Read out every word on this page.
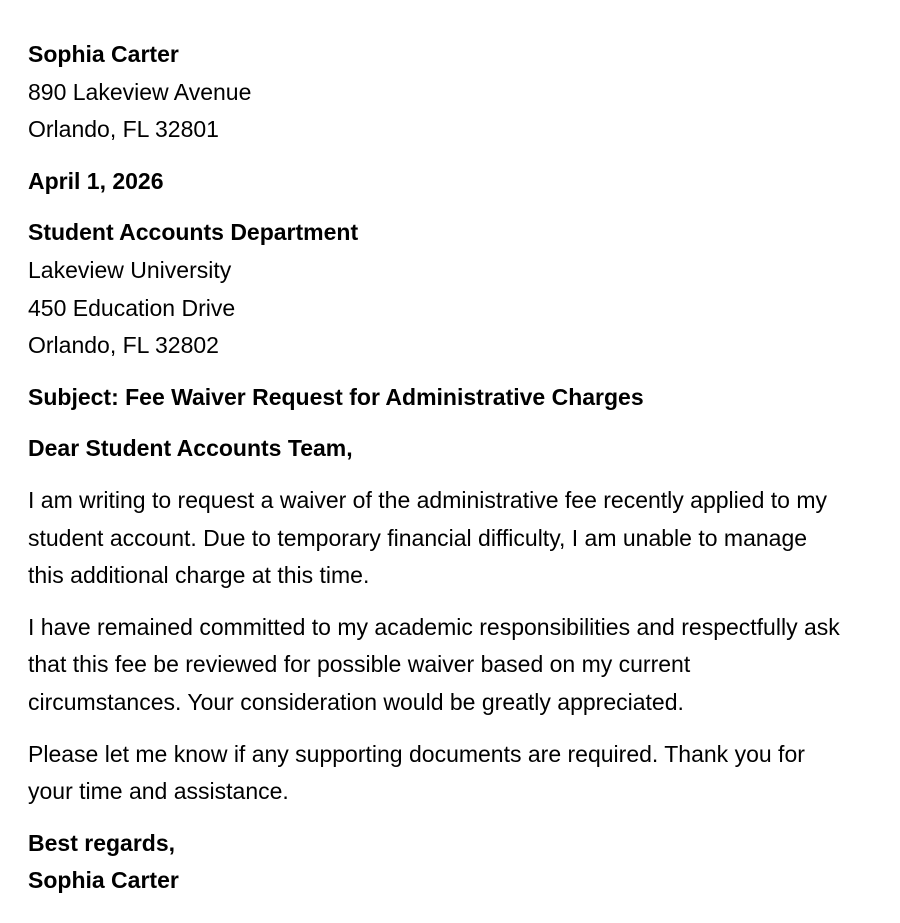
Sophia Carter
890 Lakeview Avenue
Orlando, FL 32801
April 1, 2026
Student Accounts Department
Lakeview University
450 Education Drive
Orlando, FL 32802
Subject: Fee Waiver Request for Administrative Charges
Dear Student Accounts Team,

I am writing to request a waiver of the administrative fee recently applied to my student account. Due to temporary financial difficulty, I am unable to manage this additional charge at this time.

I have remained committed to my academic responsibilities and respectfully ask that this fee be reviewed for possible waiver based on my current circumstances. Your consideration would be greatly appreciated.

Please let me know if any supporting documents are required. Thank you for your time and assistance.

Best regards,
Sophia Carter
